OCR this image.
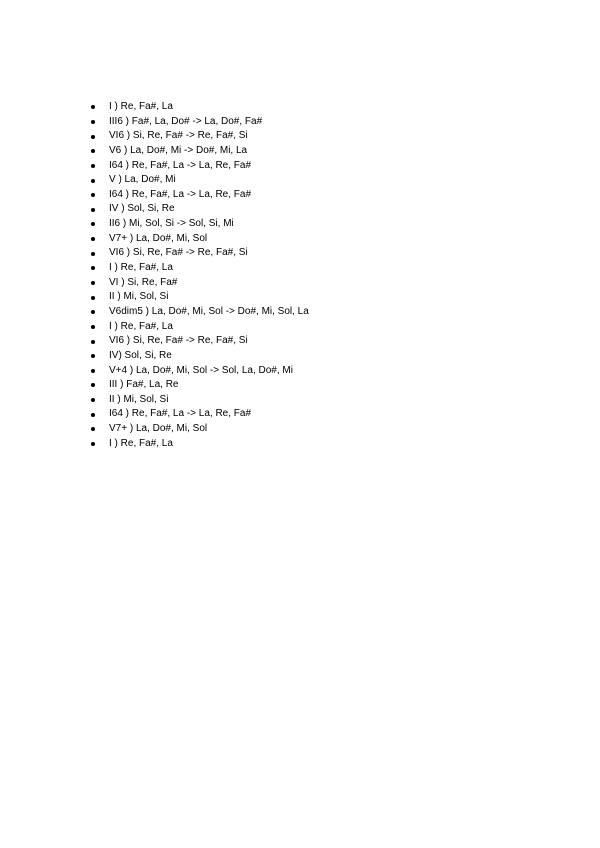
I ) Re, Fa#, La
III6 ) Fa#, La, Do# -> La, Do#, Fa#
VI6 ) Si, Re, Fa# -> Re, Fa#, Si
V6 ) La, Do#, Mi -> Do#, Mi, La
I64 ) Re, Fa#, La -> La, Re, Fa#
V ) La, Do#, Mi
I64 ) Re, Fa#, La -> La, Re, Fa#
IV ) Sol, Si, Re
II6 ) Mi, Sol, Si -> Sol, Si, Mi
V7+ ) La, Do#, Mi, Sol
VI6 ) Si, Re, Fa# -> Re, Fa#, Si
I ) Re, Fa#, La
VI ) Si, Re, Fa#
II ) Mi, Sol, Si
V6dim5 ) La, Do#, Mi, Sol -> Do#, Mi, Sol, La
I ) Re, Fa#, La
VI6 ) Si, Re, Fa# -> Re, Fa#, Si
IV) Sol, Si, Re
V+4 ) La, Do#, Mi, Sol -> Sol, La, Do#, Mi
III ) Fa#, La, Re
II ) Mi, Sol, Si
I64 ) Re, Fa#, La -> La, Re, Fa#
V7+ ) La, Do#, Mi, Sol
I ) Re, Fa#, La
